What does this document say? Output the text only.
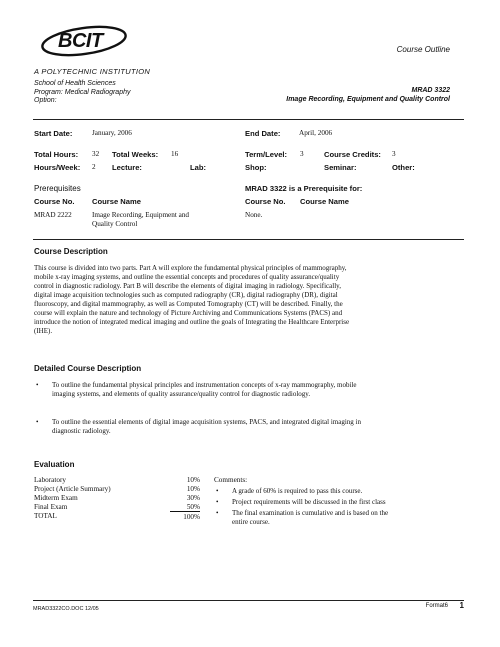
BCIT
A POLYTECHNIC INSTITUTION
School of Health Sciences
Program: Medical Radiography
Option:
Course Outline
MRAD 3322
Image Recording, Equipment and Quality Control
Start Date:	January, 2006	End Date:	April, 2006
Total Hours: 32 Total Weeks: 16	Term/Level: 3	Course Credits: 3
Hours/Week: 2 Lecture:	Lab:	Shop:	Seminar:	Other:
Prerequisites
Course No. Course Name
MRAD 2222	Image Recording, Equipment and
Quality Control
MRAD 3322 is a Prerequisite for:
Course No. Course Name
None.
Course Description
This course is divided into two parts. Part A will explore the fundamental physical principles of mammography,
mobile x-ray imaging systems, and outline the essential concepts and procedures of quality assurance/quality
control in diagnostic radiology. Part B will describe the elements of digital imaging in radiology. Specifically,
digital image acquisition technologies such as computed radiography (CR), digital radiography (DR), digital
fluoroscopy, and digital mammography, as well as Computed Tomography (CT) will be described. Finally, the
course will explain the nature and technology of Picture Archiving and Communications Systems (PACS) and
introduce the notion of integrated medical imaging and outline the goals of Integrating the Healthcare Enterprise
(IHE).
Detailed Course Description
• To outline the fundamental physical principles and instrumentation concepts of x-ray mammography, mobile
imaging systems, and elements of quality assurance/quality control for diagnostic radiology.
• To outline the essential elements of digital image acquisition systems, PACS, and integrated digital imaging in
diagnostic radiology.
Evaluation
Laboratory	10%
Project (Article Summary)	10%
Midterm Exam	30%
Final Exam	50%
TOTAL	100%
Comments:
• A grade of 60% is required to pass this course.
• Project requirements will be discussed in the first class
• The final examination is cumulative and is based on the
entire course.
MRAD3322CO.DOC 12/05	Format6 1
